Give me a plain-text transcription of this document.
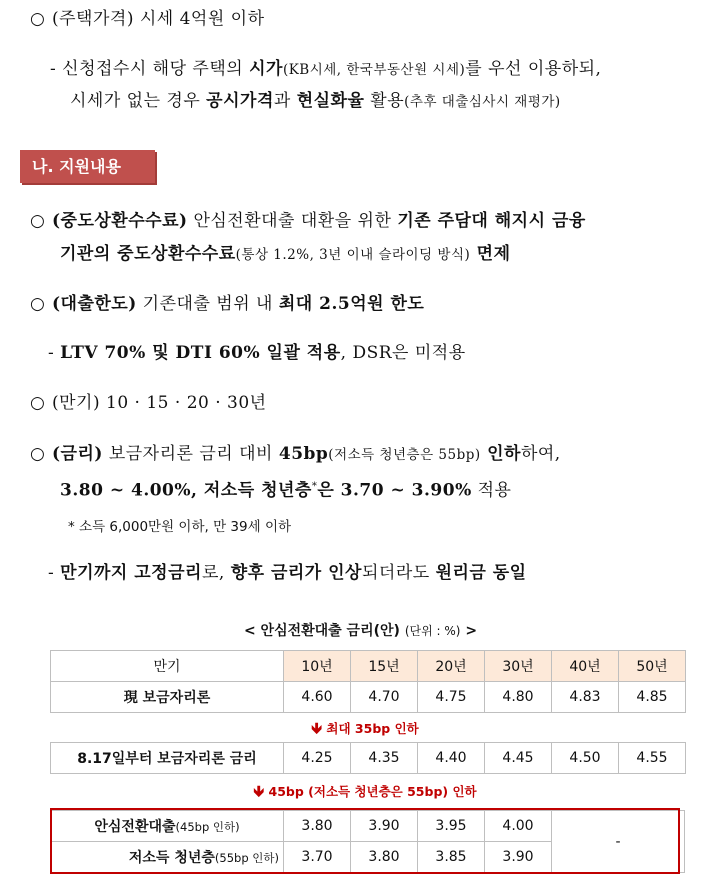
○ (주택가격) 시세 4억원 이하
- 신청접수시 해당 주택의 시가(KB시세, 한국부동산원 시세)를 우선 이용하되,
시세가 없는 경우 공시가격과 현실화율 활용(추후 대출심사시 재평가)
나. 지원내용
○ (중도상환수수료) 안심전환대출 대환을 위한 기존 주담대 해지시 금융
기관의 중도상환수수료(통상 1.2%, 3년 이내 슬라이딩 방식) 면제
○ (대출한도) 기존대출 범위 내 최대 2.5억원 한도
- LTV 70% 및 DTI 60% 일괄 적용, DSR은 미적용
○ (만기) 10 · 15 · 20 · 30년
○ (금리) 보금자리론 금리 대비 45bp(저소득 청년층은 55bp) 인하하여,
3.80 ~ 4.00%, 저소득 청년층*은 3.70 ~ 3.90% 적용
* 소득 6,000만원 이하, 만 39세 이하
- 만기까지 고정금리로, 향후 금리가 인상되더라도 원리금 동일
< 안심전환대출 금리(안) (단위 : %) >
만기	10년	15년	20년	30년	40년	50년
現 보금자리론	4.60	4.70	4.75	4.80	4.83	4.85
🡻 최대 35bp 인하
8.17일부터 보금자리론 금리	4.25	4.35	4.40	4.45	4.50	4.55
🡻 45bp (저소득 청년층은 55bp) 인하
안심전환대출(45bp 인하)	3.80	3.90	3.95	4.00	-
저소득 청년층(55bp 인하)	3.70	3.80	3.85	3.90	
